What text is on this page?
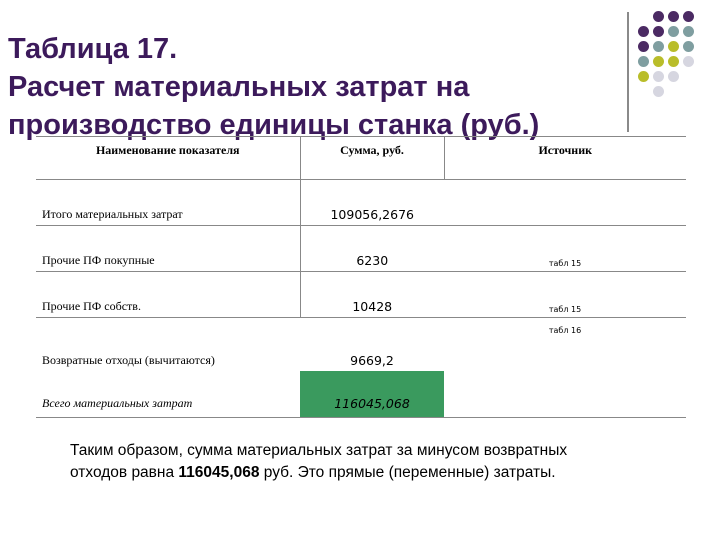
Таблица 17.
Расчет материальных затрат на
производство единицы станка (руб.)
Наименование показателя	Сумма, руб.	Источник
Итого материальных затрат	109056,2676	
Прочие ПФ покупные	6230	табл 15
Прочие ПФ собств.	10428	табл 15
Возвратные отходы (вычитаются)	9669,2	табл 16
Всего материальных затрат	116045,068	
Таким образом, сумма материальных затрат за минусом возвратных отходов равна 116045,068 руб. Это прямые (переменные) затраты.
